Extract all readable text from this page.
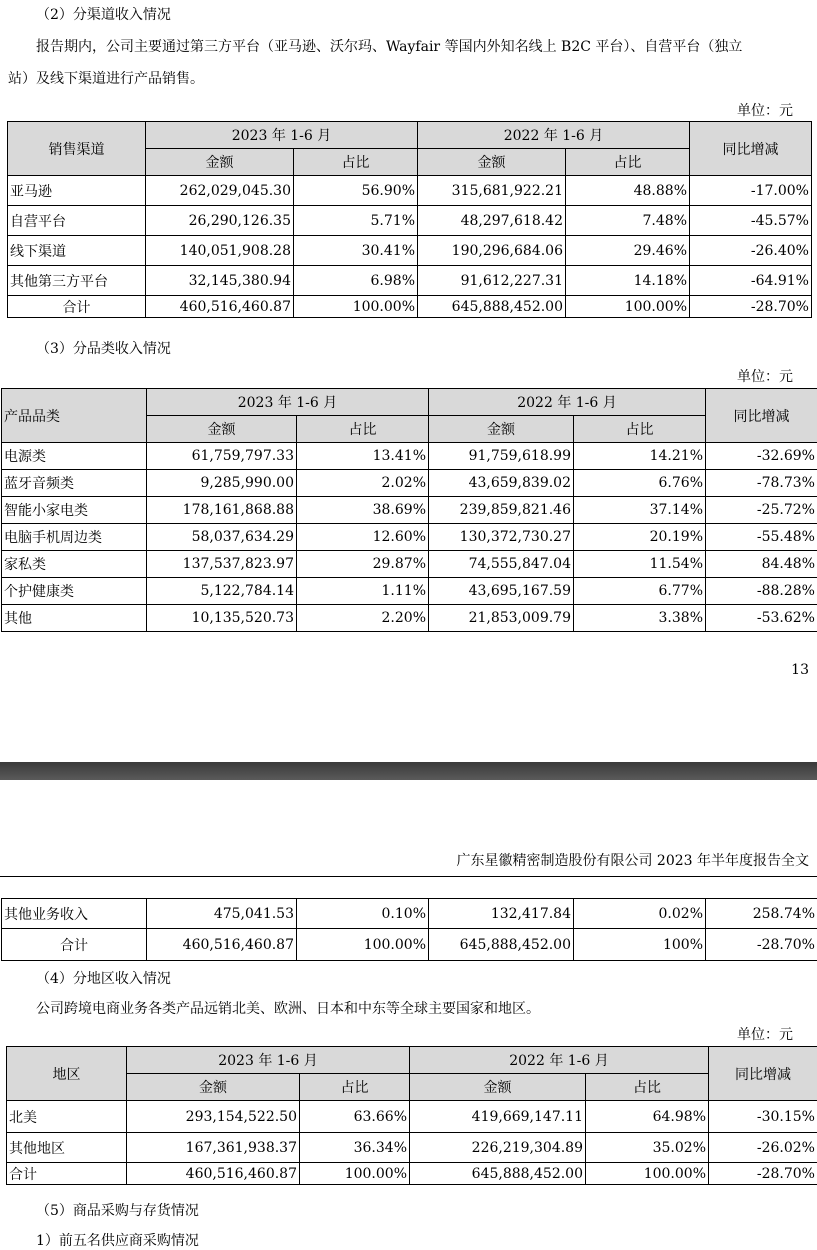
（2）分渠道收入情况
报告期内，公司主要通过第三方平台（亚马逊、沃尔玛、Wayfair 等国内外知名线上 B2C 平台）、自营平台（独立
站）及线下渠道进行产品销售。
单位：元
销售渠道	2023 年 1-6 月		2022 年 1-6 月		同比增减
	金额	占比	金额	占比	
亚马逊	262,029,045.30	56.90%	315,681,922.21	48.88%	-17.00%
自营平台	26,290,126.35	5.71%	48,297,618.42	7.48%	-45.57%
线下渠道	140,051,908.28	30.41%	190,296,684.06	29.46%	-26.40%
其他第三方平台	32,145,380.94	6.98%	91,612,227.31	14.18%	-64.91%
合计	460,516,460.87	100.00%	645,888,452.00	100.00%	-28.70%
（3）分品类收入情况
单位：元
产品品类	2023 年 1-6 月		2022 年 1-6 月		同比增减
	金额	占比	金额	占比	
电源类	61,759,797.33	13.41%	91,759,618.99	14.21%	-32.69%
蓝牙音频类	9,285,990.00	2.02%	43,659,839.02	6.76%	-78.73%
智能小家电类	178,161,868.88	38.69%	239,859,821.46	37.14%	-25.72%
电脑手机周边类	58,037,634.29	12.60%	130,372,730.27	20.19%	-55.48%
家私类	137,537,823.97	29.87%	74,555,847.04	11.54%	84.48%
个护健康类	5,122,784.14	1.11%	43,695,167.59	6.77%	-88.28%
其他	10,135,520.73	2.20%	21,853,009.79	3.38%	-53.62%
13
广东星徽精密制造股份有限公司 2023 年半年度报告全文
其他业务收入	475,041.53	0.10%	132,417.84	0.02%	258.74%
合计	460,516,460.87	100.00%	645,888,452.00	100%	-28.70%
（4）分地区收入情况
公司跨境电商业务各类产品远销北美、欧洲、日本和中东等全球主要国家和地区。
单位：元
地区	2023 年 1-6 月		2022 年 1-6 月		同比增减
	金额	占比	金额	占比	
北美	293,154,522.50	63.66%	419,669,147.11	64.98%	-30.15%
其他地区	167,361,938.37	36.34%	226,219,304.89	35.02%	-26.02%
合计	460,516,460.87	100.00%	645,888,452.00	100.00%	-28.70%
（5）商品采购与存货情况
1）前五名供应商采购情况
